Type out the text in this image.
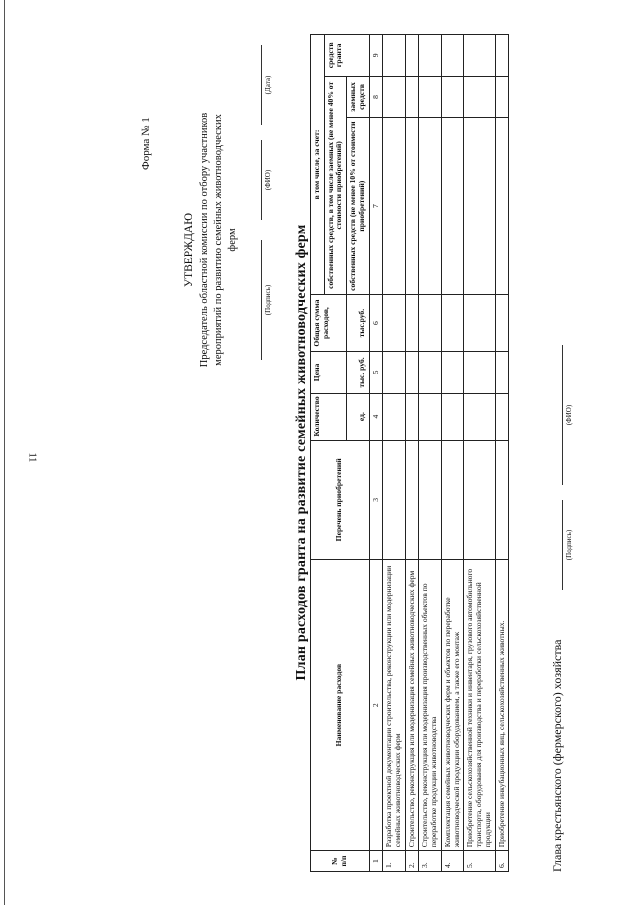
11
Форма № 1
УТВЕРЖДАЮ Председатель областной комиссии по отбору участников мероприятий по развитию семейных животноводческих ферм
(Подпись)
(ФИО)
(Дата)
План расходов гранта на развитие семейных животноводческих ферм
№ п/п	Наименование расходов	Перечень приобретений	Количество	Цена	Общая сумма расходов,	в том числе, за счет:		
						собственных средств, в том числе заемных (не менее 40% от стоимости приобретений)		средств гранта
			ед.	тыс. руб.	тыс.руб.	собственных средств (не менее 10% от стоимости приобретений)	заемных средств	
1	2	3	4	5	6	7	8	9
1.	Разработка проектной документации строительства, реконструкции или модернизации семейных животноводческих ферм							
2.	Строительство, реконструкция или модернизация семейных животноводческих ферм							
3.	Строительство, реконструкция или модернизация производственных объектов по переработке продукции животноводства							
4.	Комплектация семейных животноводческих ферм и объектов по переработке животноводческой продукции оборудованием, а также его монтаж							
5.	Приобретение сельскохозяйственной техники и инвентаря, грузового автомобильного транспорта, оборудования для производства и переработки сельскохозяйственной продукции							
6.	Приобретение инкубационных яиц, сельскохозяйственных животных.								Глава крестьянского (фермерского) хозяйства
(Подпись)
(ФИО)
